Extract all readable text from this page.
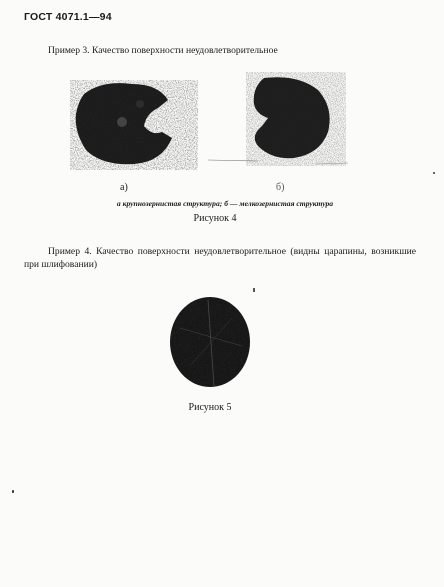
ГОСТ 4071.1—94
Пример 3. Качество поверхности неудовлетворительное
а)	б)
а крупнозернистая структура; б — мелкозернистая структура
Рисунок 4
Пример 4. Качество поверхности неудовлетворительное (видны царапины, возникшие при шлифовании)
Рисунок 5
